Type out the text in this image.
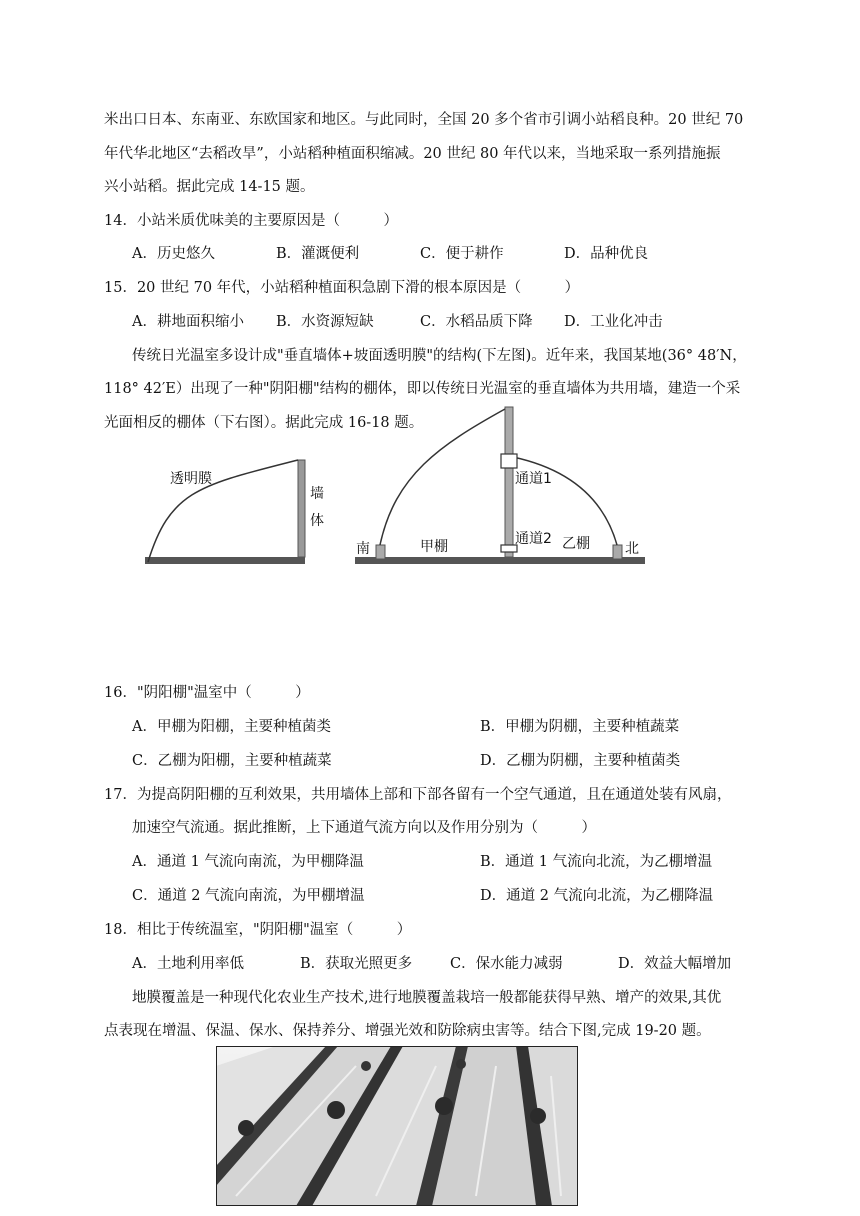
米出口日本、东南亚、东欧国家和地区。与此同时，全国 20 多个省市引调小站稻良种。20 世纪 70
年代华北地区“去稻改旱”，小站稻种植面积缩减。20 世纪 80 年代以来，当地采取一系列措施振
兴小站稻。据此完成 14-15 题。
14．小站米质优味美的主要原因是（　　　）
A．历史悠久	B．灌溉便利	C．便于耕作	D．品种优良
15．20 世纪 70 年代，小站稻种植面积急剧下滑的根本原因是（　　　）
A．耕地面积缩小 B．水资源短缺	C．水稻品质下降 D．工业化冲击
传统日光温室多设计成"垂直墙体+坡面透明膜"的结构(下左图)。近年来，我国某地(36° 48′N，
118° 42′E）出现了一种"阴阳棚"结构的棚体，即以传统日光温室的垂直墙体为共用墙，建造一个采
光面相反的棚体（下右图）。据此完成 16-18 题。
透明膜
墙
体
南	北
甲棚	乙棚
通道1
通道2
16．"阴阳棚"温室中（　　　）
A．甲棚为阳棚，主要种植菌类	B．甲棚为阴棚，主要种植蔬菜
C．乙棚为阳棚，主要种植蔬菜	D．乙棚为阴棚，主要种植菌类
17．为提高阴阳棚的互利效果，共用墙体上部和下部各留有一个空气通道，且在通道处装有风扇，
加速空气流通。据此推断，上下通道气流方向以及作用分别为（　　　）
A．通道 1 气流向南流，为甲棚降温	B．通道 1 气流向北流，为乙棚增温
C．通道 2 气流向南流，为甲棚增温	D．通道 2 气流向北流，为乙棚降温
18．相比于传统温室，"阴阳棚"温室（　　　）
A．土地利用率低	B．获取光照更多	C．保水能力减弱	D．效益大幅增加
地膜覆盖是一种现代化农业生产技术,进行地膜覆盖栽培一般都能获得早熟、增产的效果,其优
点表现在增温、保温、保水、保持养分、增强光效和防除病虫害等。结合下图,完成 19-20 题。
